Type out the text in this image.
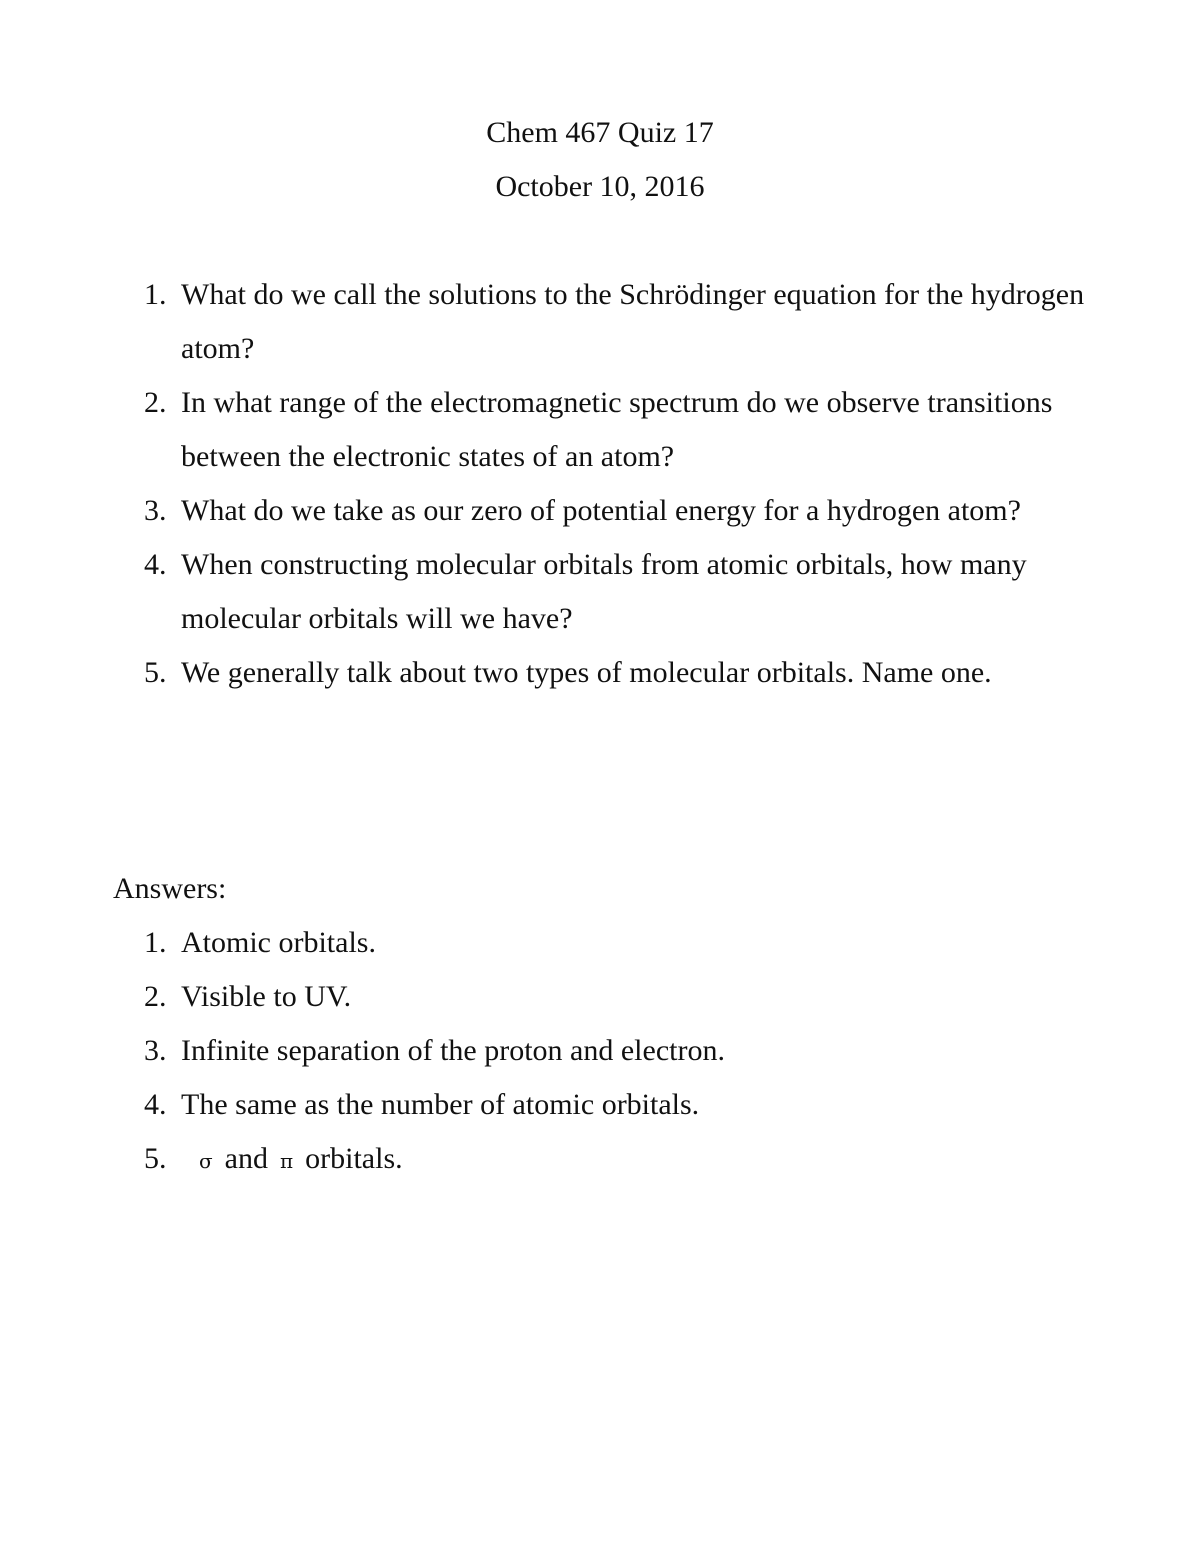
Chem 467 Quiz 17
October 10, 2016
1. What do we call the solutions to the Schrödinger equation for the hydrogen atom?
2. In what range of the electromagnetic spectrum do we observe transitions between the electronic states of an atom?
3. What do we take as our zero of potential energy for a hydrogen atom?
4. When constructing molecular orbitals from atomic orbitals, how many molecular orbitals will we have?
5. We generally talk about two types of molecular orbitals. Name one.
Answers:
1. Atomic orbitals.
2. Visible to UV.
3. Infinite separation of the proton and electron.
4. The same as the number of atomic orbitals.
5.	σ and π orbitals.
